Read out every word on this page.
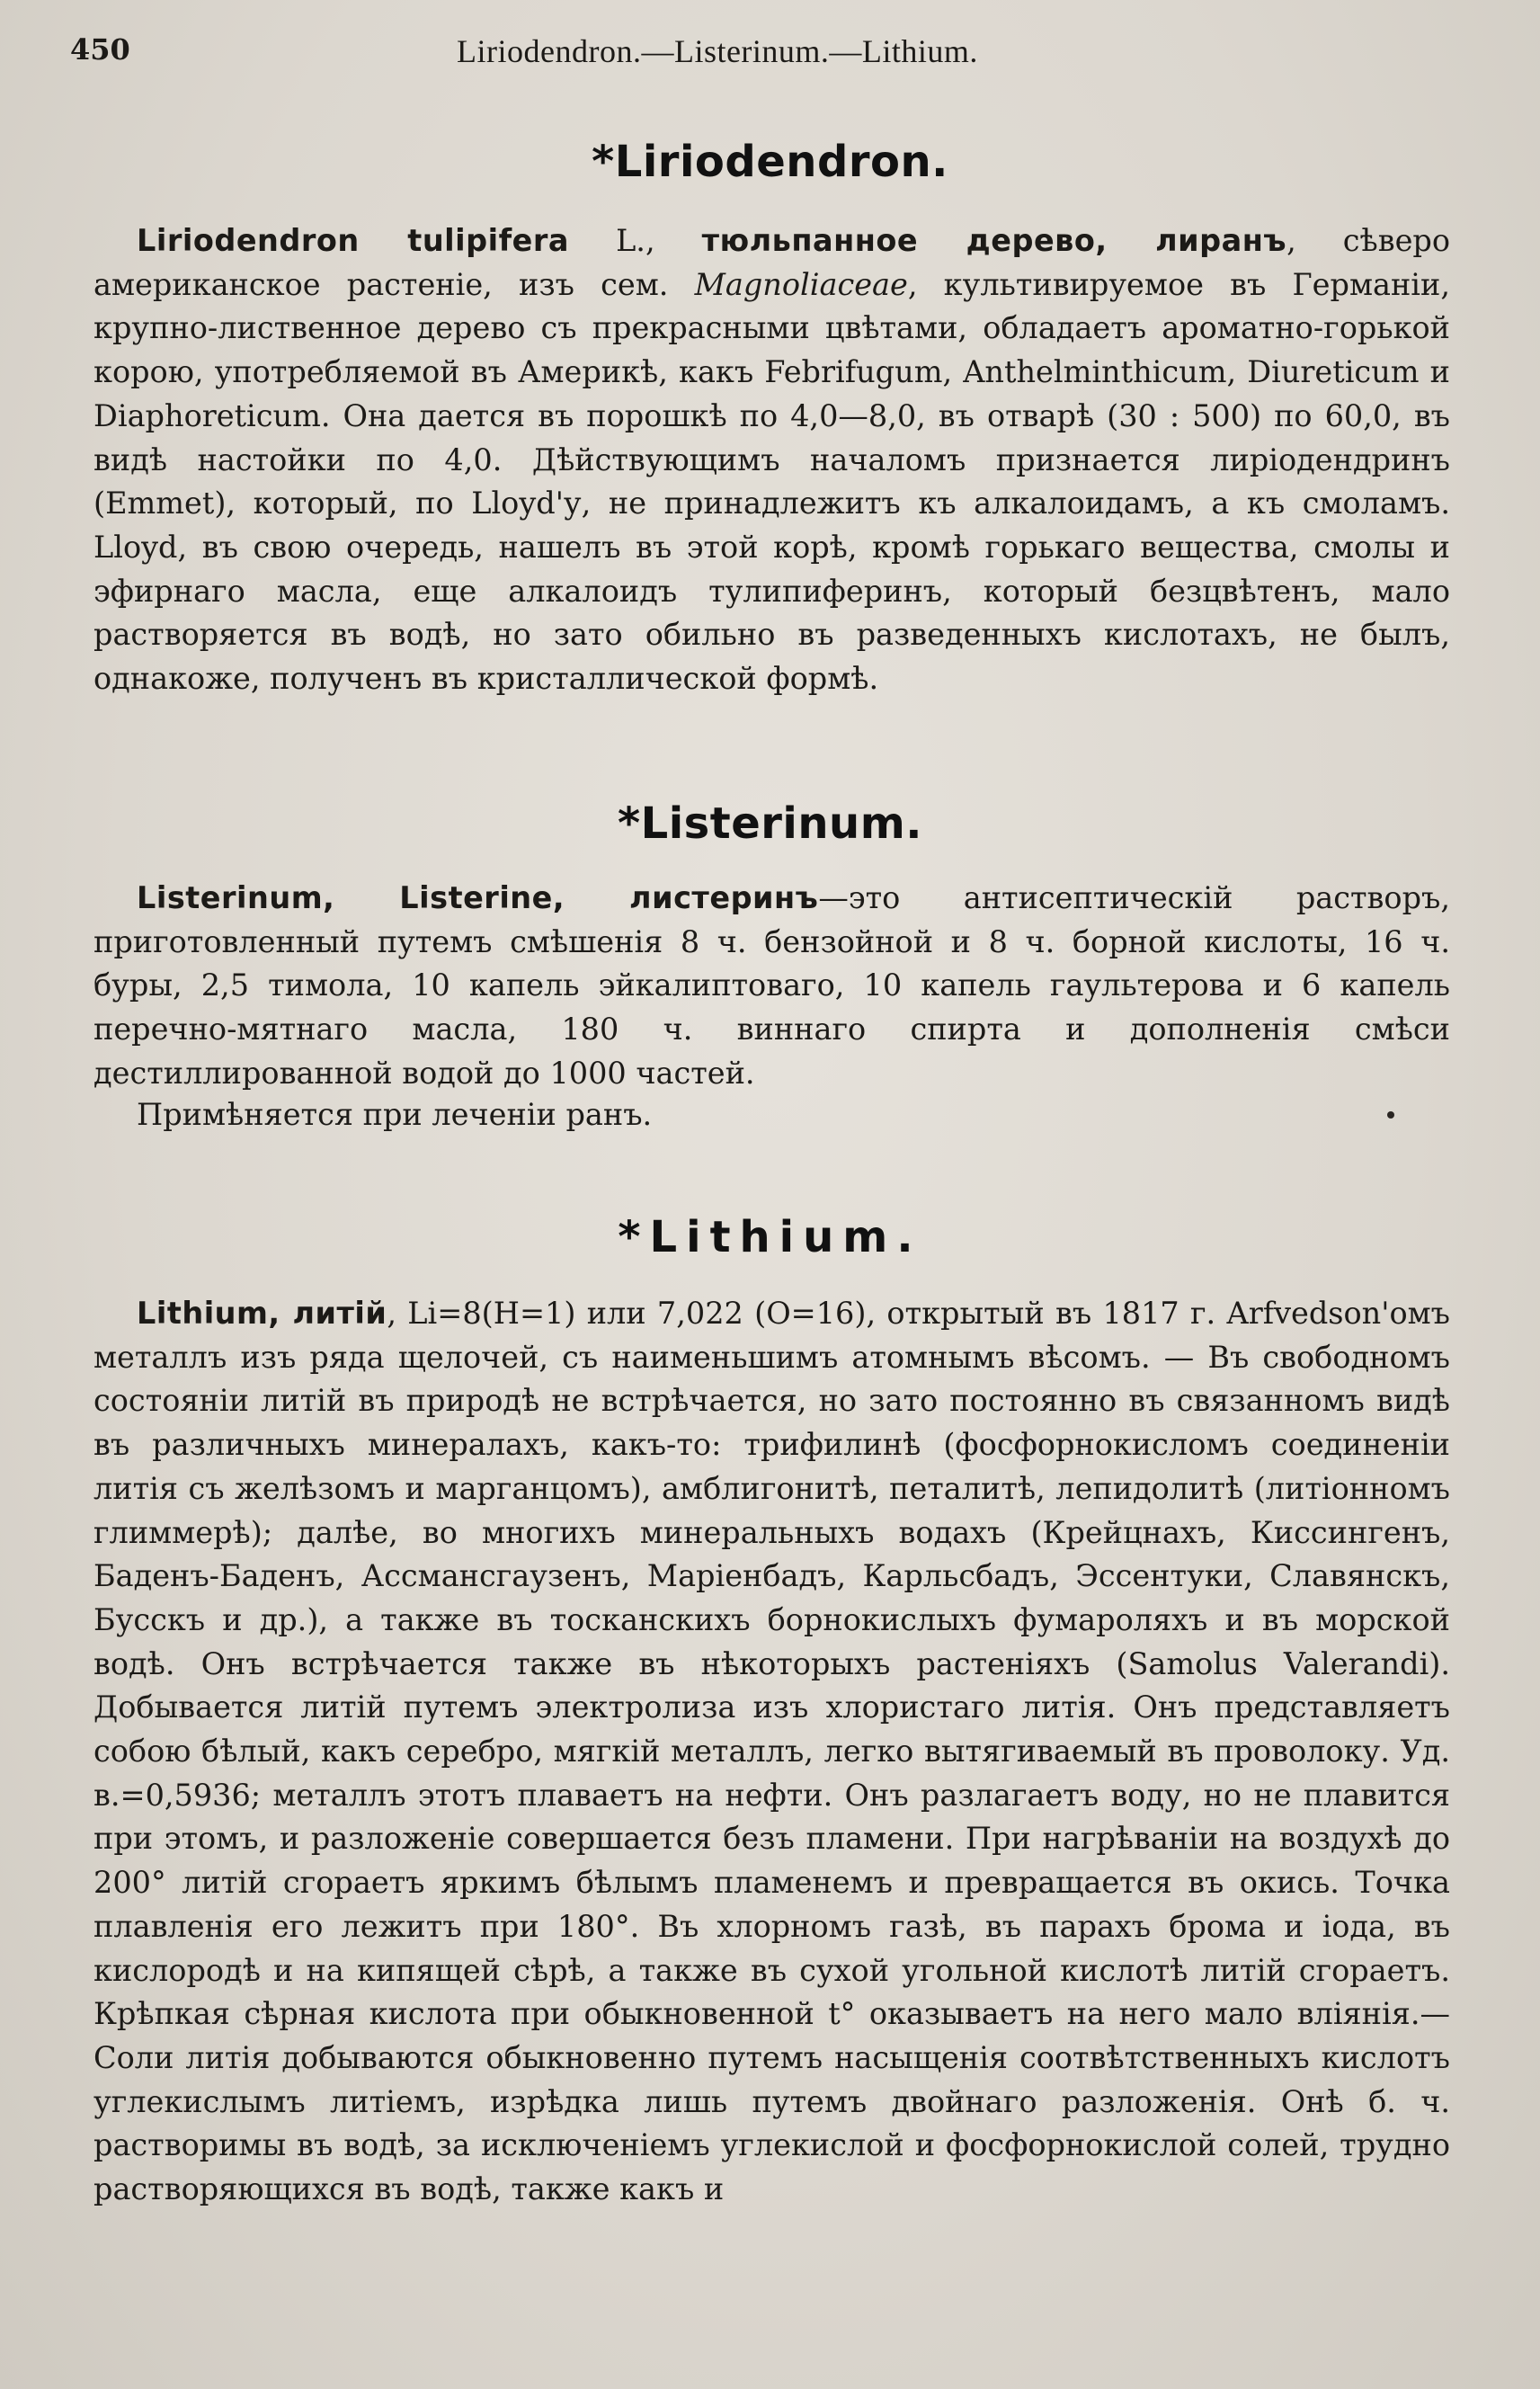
450	Liriodendron.—Listerinum.—Lithium.
*Liriodendron.

Liriodendron tulipifera L., тюльпанное дерево, лиранъ, сѣверо американское растенiе, изъ сем. Magnoliaceae, культивируемое въ Германiи, крупно-лиственное дерево съ прекрасными цвѣтами, обладаетъ ароматно-горькой корою, употребляемой въ Америкѣ, какъ Febrifugum, Anthelminthicum, Diureticum и Diaphoreticum. Она дается въ порошкѣ по 4,0—8,0, въ отварѣ (30 : 500) по 60,0, въ видѣ настойки по 4,0. Дѣйствующимъ началомъ признается лирiодендринъ (Emmet), который, по Lloyd'у, не принадлежитъ къ алкалоидамъ, а къ смоламъ. Lloyd, въ свою очередь, нашелъ въ этой корѣ, кромѣ горькаго вещества, смолы и эфирнаго масла, еще алкалоидъ тулипиферинъ, который безцвѣтенъ, мало растворяется въ водѣ, но зато обильно въ разведенныхъ кислотахъ, не былъ, однакоже, полученъ въ кристаллической формѣ.

*Listerinum.

Listerinum, Listerine, листеринъ—это антисептическiй растворъ, приготовленный путемъ смѣшенiя 8 ч. бензойной и 8 ч. борной кислоты, 16 ч. буры, 2,5 тимола, 10 капель эйкалиптоваго, 10 капель гаультерова и 6 капель перечно-мятнаго масла, 180 ч. виннаго спирта и дополненiя смѣси дестиллированной водой до 1000 частей.

Примѣняется при леченiи ранъ.

*Lithium.

Lithium, литiй, Li=8(H=1) или 7,022 (O=16), открытый въ 1817 г. Arfvedson'омъ металлъ изъ ряда щелочей, съ наименьшимъ атомнымъ вѣсомъ. — Въ свободномъ состоянiи литiй въ природѣ не встрѣчается, но зато постоянно въ связанномъ видѣ въ различныхъ минералахъ, какъ-то: трифилинѣ (фосфорнокисломъ соединенiи литiя съ желѣзомъ и марганцомъ), амблигонитѣ, петалитѣ, лепидолитѣ (литiонномъ глиммерѣ); далѣе, во многихъ минеральныхъ водахъ (Крейцнахъ, Киссингенъ, Баденъ-Баденъ, Ассмансгаузенъ, Марiенбадъ, Карльсбадъ, Эссентуки, Славянскъ, Бусскъ и др.), а также въ тосканскихъ борнокислыхъ фумароляхъ и въ морской водѣ. Онъ встрѣчается также въ нѣкоторыхъ растенiяхъ (Samolus Valerandi). Добывается литiй путемъ электролиза изъ хлористаго литiя. Онъ представляетъ собою бѣлый, какъ серебро, мягкiй металлъ, легко вытягиваемый въ проволоку. Уд. в.=0,5936; металлъ этотъ плаваетъ на нефти. Онъ разлагаетъ воду, но не плавится при этомъ, и разложенiе совершается безъ пламени. При нагрѣванiи на воздухѣ до 200° литiй сгораетъ яркимъ бѣлымъ пламенемъ и превращается въ окись. Точка плавленiя его лежитъ при 180°. Въ хлорномъ газѣ, въ парахъ брома и iода, въ кислородѣ и на кипящей сѣрѣ, а также въ сухой угольной кислотѣ литiй сгораетъ. Крѣпкая сѣрная кислота при обыкновенной t° оказываетъ на него мало влiянiя.—Соли литiя добываются обыкновенно путемъ насыщенiя соотвѣтственныхъ кислотъ углекислымъ литiемъ, изрѣдка лишь путемъ двойнаго разложенiя. Онѣ б. ч. растворимы въ водѣ, за исключенiемъ углекислой и фосфорнокислой солей, трудно растворяющихся въ водѣ, также какъ и
